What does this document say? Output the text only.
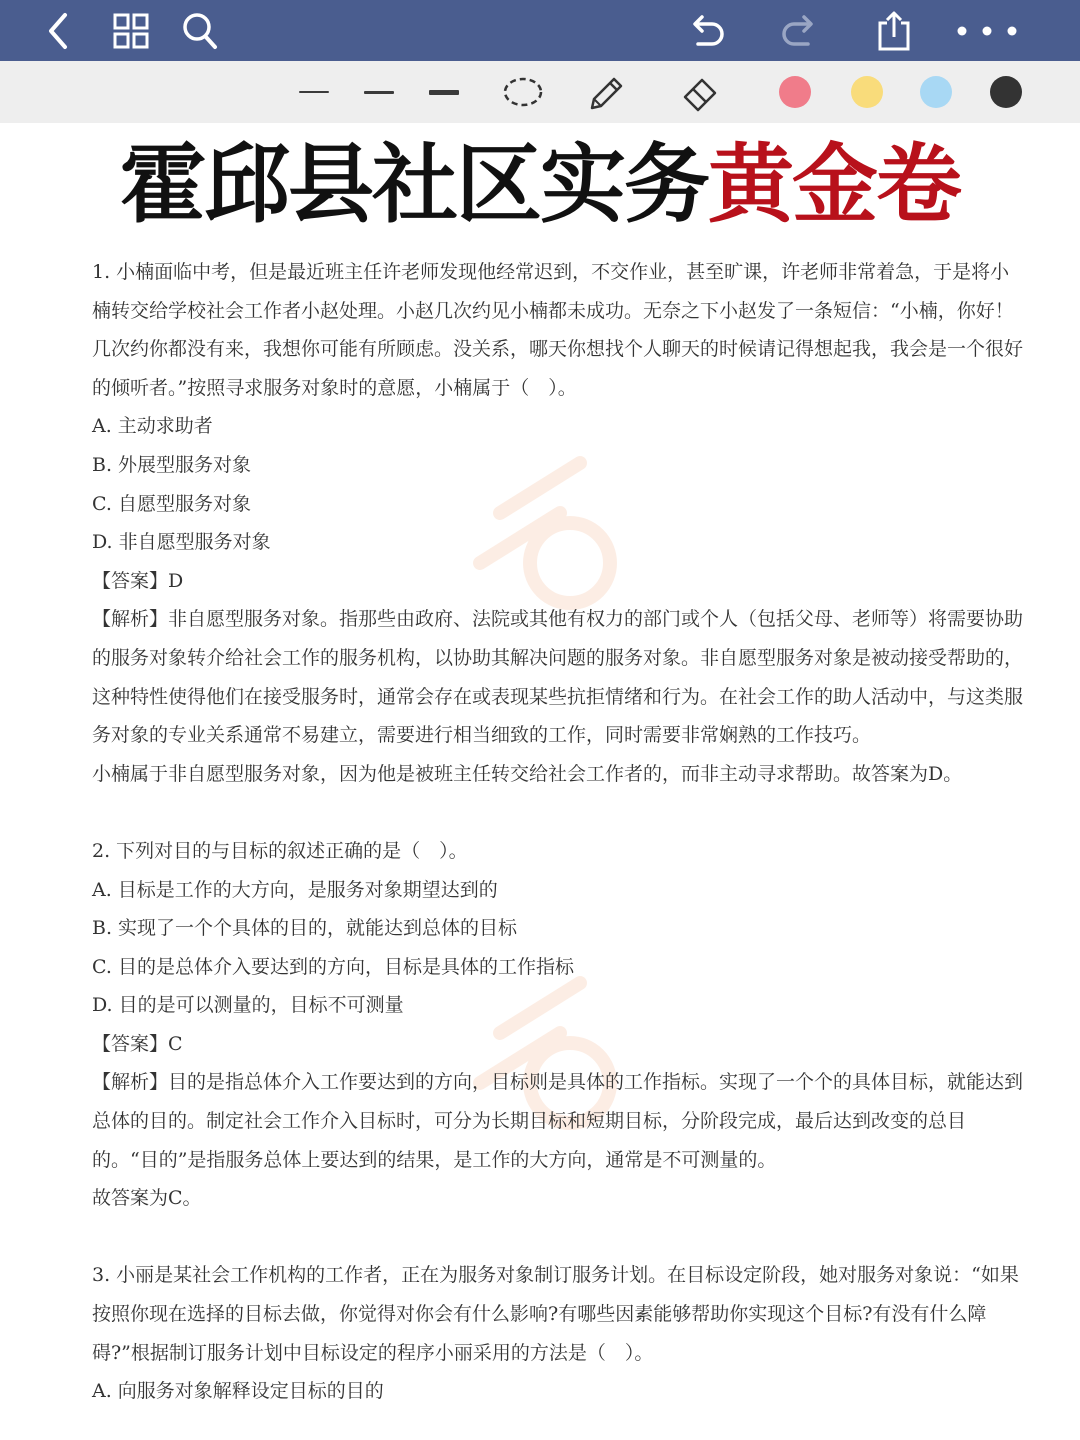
霍邱县社区实务黄金卷

1. 小楠面临中考，但是最近班主任许老师发现他经常迟到，不交作业，甚至旷课，许老师非常着急，于是将小楠转交给学校社会工作者小赵处理。小赵几次约见小楠都未成功。无奈之下小赵发了一条短信：“小楠，你好！几次约你都没有来，我想你可能有所顾虑。没关系，哪天你想找个人聊天的时候请记得想起我，我会是一个很好的倾听者。”按照寻求服务对象时的意愿，小楠属于（　）。

A. 主动求助者

B. 外展型服务对象

C. 自愿型服务对象

D. 非自愿型服务对象

【答案】D

【解析】非自愿型服务对象。指那些由政府、法院或其他有权力的部门或个人（包括父母、老师等）将需要协助的服务对象转介给社会工作的服务机构，以协助其解决问题的服务对象。非自愿型服务对象是被动接受帮助的，这种特性使得他们在接受服务时，通常会存在或表现某些抗拒情绪和行为。在社会工作的助人活动中，与这类服务对象的专业关系通常不易建立，需要进行相当细致的工作，同时需要非常娴熟的工作技巧。

小楠属于非自愿型服务对象，因为他是被班主任转交给社会工作者的，而非主动寻求帮助。故答案为D。

2. 下列对目的与目标的叙述正确的是（　）。

A. 目标是工作的大方向，是服务对象期望达到的

B. 实现了一个个具体的目的，就能达到总体的目标

C. 目的是总体介入要达到的方向，目标是具体的工作指标

D. 目的是可以测量的，目标不可测量

【答案】C

【解析】目的是指总体介入工作要达到的方向，目标则是具体的工作指标。实现了一个个的具体目标，就能达到总体的目的。制定社会工作介入目标时，可分为长期目标和短期目标，分阶段完成，最后达到改变的总目的。“目的”是指服务总体上要达到的结果，是工作的大方向，通常是不可测量的。

故答案为C。

3. 小丽是某社会工作机构的工作者，正在为服务对象制订服务计划。在目标设定阶段，她对服务对象说：“如果按照你现在选择的目标去做，你觉得对你会有什么影响?有哪些因素能够帮助你实现这个目标?有没有什么障碍?”根据制订服务计划中目标设定的程序小丽采用的方法是（　）。

A. 向服务对象解释设定目标的目的
